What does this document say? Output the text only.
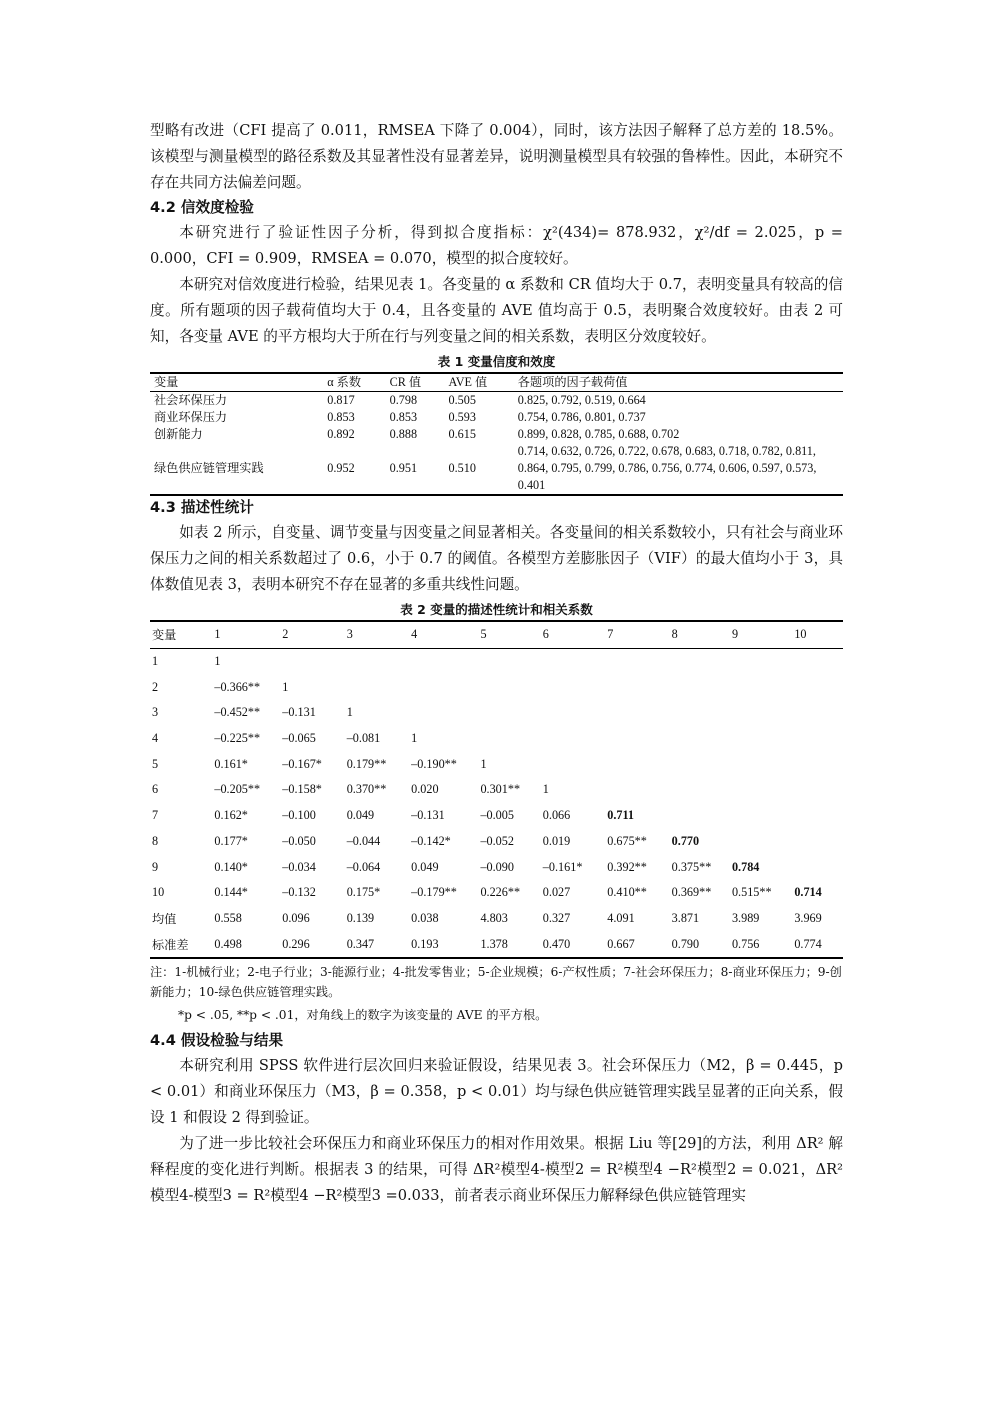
型略有改进（CFI 提高了 0.011，RMSEA 下降了 0.004），同时，该方法因子解释了总方差的 18.5%。该模型与测量模型的路径系数及其显著性没有显著差异，说明测量模型具有较强的鲁棒性。因此，本研究不存在共同方法偏差问题。

4.2 信效度检验

本研究进行了验证性因子分析，得到拟合度指标：χ²(434)= 878.932，χ²/df = 2.025，p = 0.000，CFI = 0.909，RMSEA = 0.070，模型的拟合度较好。

本研究对信效度进行检验，结果见表 1。各变量的 α 系数和 CR 值均大于 0.7，表明变量具有较高的信度。所有题项的因子载荷值均大于 0.4，且各变量的 AVE 值均高于 0.5，表明聚合效度较好。由表 2 可知，各变量 AVE 的平方根均大于所在行与列变量之间的相关系数，表明区分效度较好。

表 1 变量信度和效度
变量	α 系数	CR 值	AVE 值	各题项的因子载荷值
社会环保压力	0.817	0.798	0.505	0.825, 0.792, 0.519, 0.664
商业环保压力	0.853	0.853	0.593	0.754, 0.786, 0.801, 0.737
创新能力	0.892	0.888	0.615	0.899, 0.828, 0.785, 0.688, 0.702
绿色供应链管理实践	0.952	0.951	0.510	0.714, 0.632, 0.726, 0.722, 0.678, 0.683, 0.718, 0.782, 0.811, 0.864, 0.795, 0.799, 0.786, 0.756, 0.774, 0.606, 0.597, 0.573, 0.401
4.3 描述性统计

如表 2 所示，自变量、调节变量与因变量之间显著相关。各变量间的相关系数较小，只有社会与商业环保压力之间的相关系数超过了 0.6，小于 0.7 的阈值。各模型方差膨胀因子（VIF）的最大值均小于 3，具体数值见表 3，表明本研究不存在显著的多重共线性问题。

表 2 变量的描述性统计和相关系数
变量	1	2	3	4	5	6	7	8	9	10
1	1									
2	–0.366**	1								
3	–0.452**	–0.131	1							
4	–0.225**	–0.065	–0.081	1						
5	0.161*	–0.167*	0.179**	–0.190**	1					
6	–0.205**	–0.158*	0.370**	0.020	0.301**	1				
7	0.162*	–0.100	0.049	–0.131	–0.005	0.066	0.711			
8	0.177*	–0.050	–0.044	–0.142*	–0.052	0.019	0.675**	0.770		
9	0.140*	–0.034	–0.064	0.049	–0.090	–0.161*	0.392**	0.375**	0.784	
10	0.144*	–0.132	0.175*	–0.179**	0.226**	0.027	0.410**	0.369**	0.515**	0.714
均值	0.558	0.096	0.139	0.038	4.803	0.327	4.091	3.871	3.989	3.969
标准差	0.498	0.296	0.347	0.193	1.378	0.470	0.667	0.790	0.756	0.774
注：1-机械行业；2-电子行业；3-能源行业；4-批发零售业；5-企业规模；6-产权性质；7-社会环保压力；8-商业环保压力；9-创新能力；10-绿色供应链管理实践。
*p < .05, **p < .01，对角线上的数字为该变量的 AVE 的平方根。
4.4 假设检验与结果

本研究利用 SPSS 软件进行层次回归来验证假设，结果见表 3。社会环保压力（M2，β = 0.445，p < 0.01）和商业环保压力（M3，β = 0.358，p < 0.01）均与绿色供应链管理实践呈显著的正向关系，假设 1 和假设 2 得到验证。

为了进一步比较社会环保压力和商业环保压力的相对作用效果。根据 Liu 等[29]的方法，利用 ΔR² 解释程度的变化进行判断。根据表 3 的结果，可得 ΔR²模型4-模型2 = R²模型4 −R²模型2 = 0.021，ΔR²模型4-模型3 = R²模型4 −R²模型3 =0.033，前者表示商业环保压力解释绿色供应链管理实
